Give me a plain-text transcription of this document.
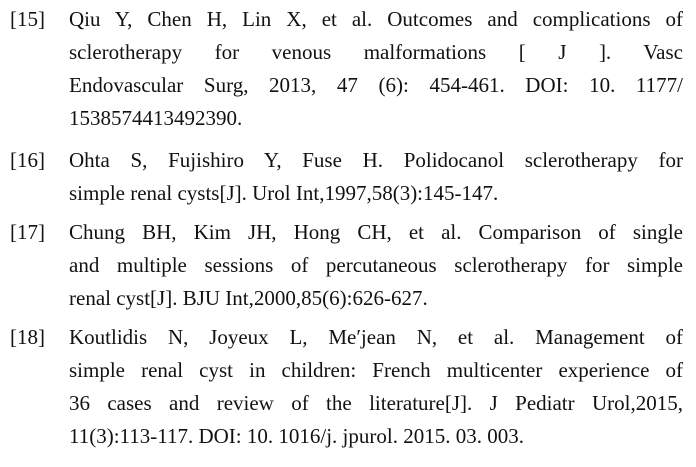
[15] Qiu Y, Chen H, Lin X, et al. Outcomes and complications of
sclerotherapy for venous malformations [ J ]. Vasc
Endovascular Surg, 2013, 47 (6): 454-461. DOI: 10. 1177/
1538574413492390.
[16] Ohta S, Fujishiro Y, Fuse H. Polidocanol sclerotherapy for
simple renal cysts[J]. Urol Int,1997,58(3):145-147.
[17] Chung BH, Kim JH, Hong CH, et al. Comparison of single
and multiple sessions of percutaneous sclerotherapy for simple
renal cyst[J]. BJU Int,2000,85(6):626-627.
[18] Koutlidis N, Joyeux L, Me′jean N, et al. Management of
simple renal cyst in children: French multicenter experience of
36 cases and review of the literature[J]. J Pediatr Urol,2015,
11(3):113-117. DOI: 10. 1016/j. jpurol. 2015. 03. 003.
